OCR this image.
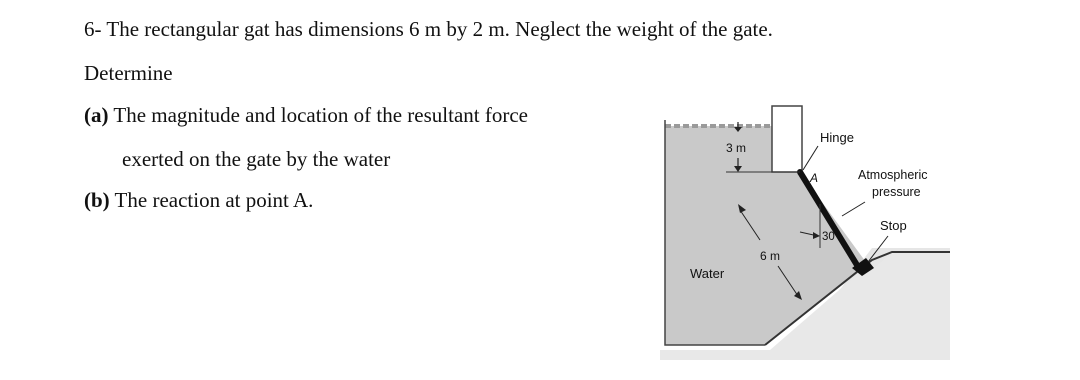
6- The rectangular gat has dimensions 6 m by 2 m. Neglect the weight of the gate.
Determine
(a) The magnitude and location of the resultant force
exerted on the gate by the water
(b) The reaction at point A.
3 m
Hinge
A	Atmospheric
pressure
30°
Stop
6 m
Water
